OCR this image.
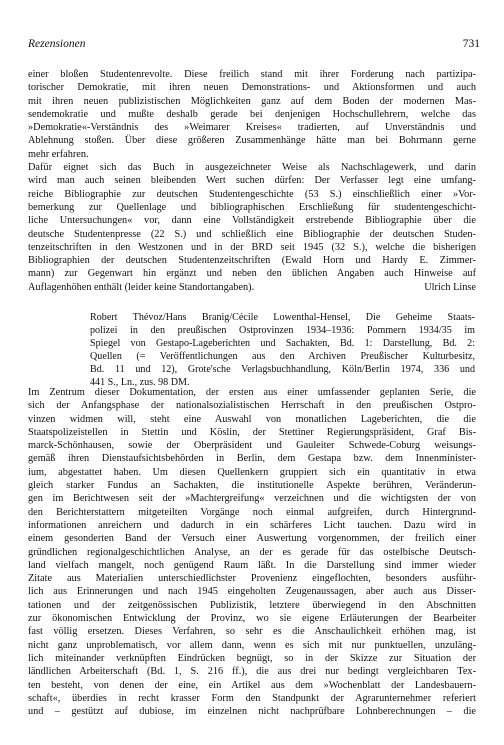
Rezensionen	731
einer bloßen Studentenrevolte. Diese freilich stand mit ihrer Forderung nach partizipa-
torischer Demokratie, mit ihren neuen Demonstrations- und Aktionsformen und auch
mit ihren neuen publizistischen Möglichkeiten ganz auf dem Boden der modernen Mas-
sendemokratie und mußte deshalb gerade bei denjenigen Hochschullehrern, welche das
»Demokratie«-Verständnis des »Weimarer Kreises« tradierten, auf Unverständnis und
Ablehnung stoßen. Über diese größeren Zusammenhänge hätte man bei Bohrmann gerne
mehr erfahren.
Dafür eignet sich das Buch in ausgezeichneter Weise als Nachschlagewerk, und darin
wird man auch seinen bleibenden Wert suchen dürfen: Der Verfasser legt eine umfang-
reiche Bibliographie zur deutschen Studentengeschichte (53 S.) einschließlich einer »Vor-
bemerkung zur Quellenlage und bibliographischen Erschließung für studentengeschicht-
liche Untersuchungen« vor, dann eine Vollständigkeit erstrebende Bibliographie über die
deutsche Studentenpresse (22 S.) und schließlich eine Bibliographie der deutschen Studen-
tenzeitschriften in den Westzonen und in der BRD seit 1945 (32 S.), welche die bisherigen
Bibliographien der deutschen Studentenzeitschriften (Ewald Horn und Hardy E. Zimmer-
mann) zur Gegenwart hin ergänzt und neben den üblichen Angaben auch Hinweise auf
Auflagenhöhen enthält (leider keine Standortangaben).	Ulrich Linse
Robert Thévoz/Hans Branig/Cécile Lowenthal-Hensel, Die Geheime Staats-
polizei in den preußischen Ostprovinzen 1934–1936: Pommern 1934/35 im
Spiegel von Gestapo-Lageberichten und Sachakten, Bd. 1: Darstellung, Bd. 2:
Quellen (= Veröffentlichungen aus den Archiven Preußischer Kulturbesitz,
Bd. 11 und 12), Grote'sche Verlagsbuchhandlung, Köln/Berlin 1974, 336 und
441 S., Ln., zus. 98 DM.
Im Zentrum dieser Dokumentation, der ersten aus einer umfassender geplanten Serie, die
sich der Anfangsphase der nationalsozialistischen Herrschaft in den preußischen Ostpro-
vinzen widmen will, steht eine Auswahl von monatlichen Lageberichten, die die
Staatspolizeistellen in Stettin und Köslin, der Stettiner Regierungspräsident, Graf Bis-
marck-Schönhausen, sowie der Oberpräsident und Gauleiter Schwede-Coburg weisungs-
gemäß ihren Dienstaufsichtsbehörden in Berlin, dem Gestapa bzw. dem Innenminister-
ium, abgestattet haben. Um diesen Quellenkern gruppiert sich ein quantitativ in etwa
gleich starker Fundus an Sachakten, die institutionelle Aspekte berühren, Veränderun-
gen im Berichtwesen seit der »Machtergreifung« verzeichnen und die wichtigsten der von
den Berichterstattern mitgeteilten Vorgänge noch einmal aufgreifen, durch Hintergrund-
informationen anreichern und dadurch in ein schärferes Licht tauchen. Dazu wird in
einem gesonderten Band der Versuch einer Auswertung vorgenommen, der freilich einer
gründlichen regionalgeschichtlichen Analyse, an der es gerade für das ostelbische Deutsch-
land vielfach mangelt, noch genügend Raum läßt. In die Darstellung sind immer wieder
Zitate aus Materialien unterschiedlichster Provenienz eingeflochten, besonders ausführ-
lich aus Erinnerungen und nach 1945 eingeholten Zeugenaussagen, aber auch aus Disser-
tationen und der zeitgenössischen Publizistik, letztere überwiegend in den Abschnitten
zur ökonomischen Entwicklung der Provinz, wo sie eigene Erläuterungen der Bearbeiter
fast völlig ersetzen. Dieses Verfahren, so sehr es die Anschaulichkeit erhöhen mag, ist
nicht ganz unproblematisch, vor allem dann, wenn es sich mit nur punktuellen, unzuläng-
lich miteinander verknüpften Eindrücken begnügt, so in der Skizze zur Situation der
ländlichen Arbeiterschaft (Bd. 1, S. 216 ff.), die aus drei nur bedingt vergleichbaren Tex-
ten besteht, von denen der eine, ein Artikel aus dem »Wochenblatt der Landesbauern-
schaft«, überdies in recht krasser Form den Standpunkt der Agrarunternehmer referiert
und – gestützt auf dubiose, im einzelnen nicht nachprüfbare Lohnberechnungen – die
